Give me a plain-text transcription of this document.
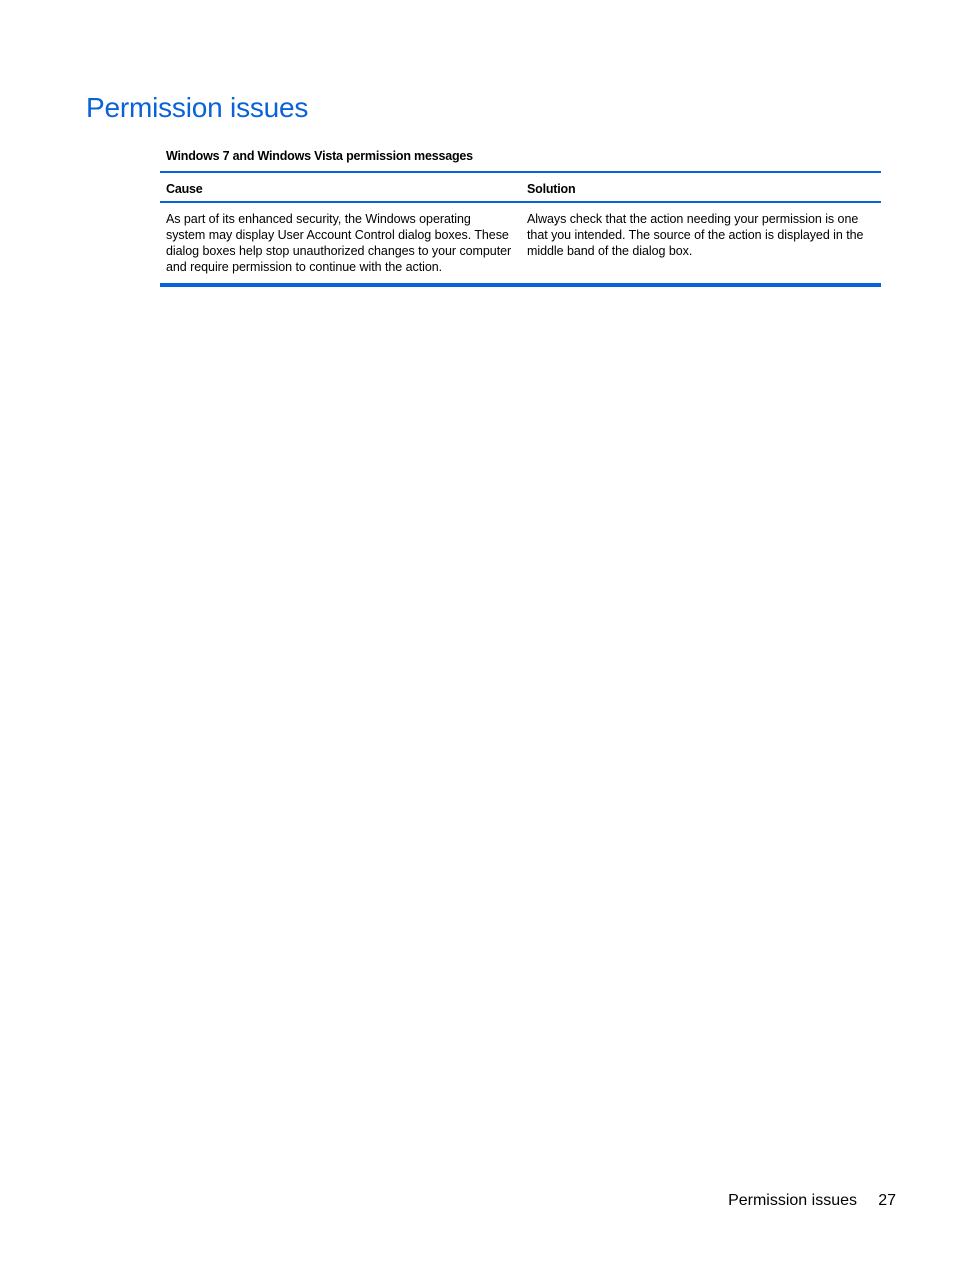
Permission issues
Windows 7 and Windows Vista permission messages
Cause	Solution
As part of its enhanced security, the Windows operating system may display User Account Control dialog boxes. These dialog boxes help stop unauthorized changes to your computer and require permission to continue with the action.
Always check that the action needing your permission is one that you intended. The source of the action is displayed in the middle band of the dialog box.
Permission issues 27
